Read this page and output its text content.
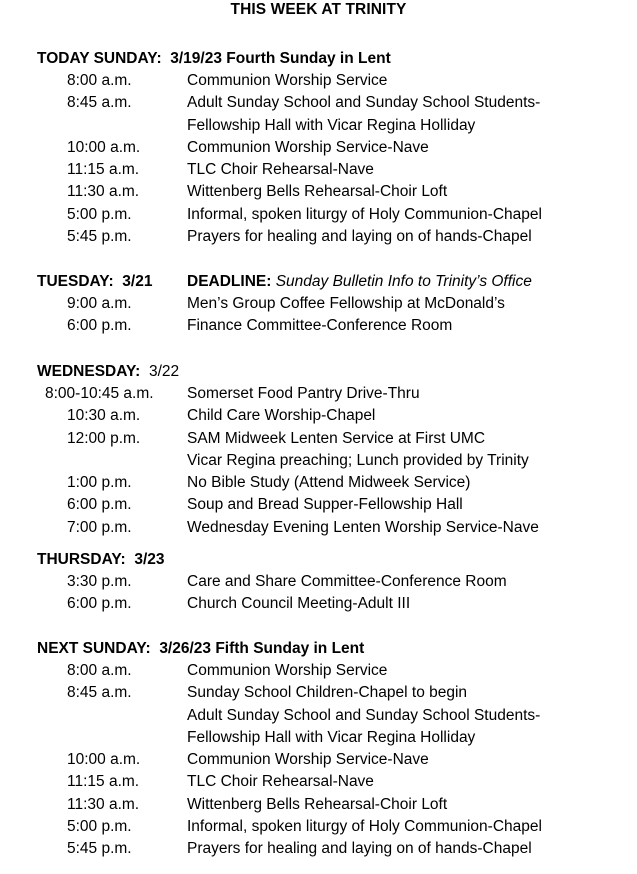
THIS WEEK AT TRINITY
TODAY SUNDAY: 3/19/23 Fourth Sunday in Lent
8:00 a.m.	Communion Worship Service
8:45 a.m.	Adult Sunday School and Sunday School Students-
Fellowship Hall with Vicar Regina Holliday
10:00 a.m.	Communion Worship Service-Nave
11:15 a.m.	TLC Choir Rehearsal-Nave
11:30 a.m.	Wittenberg Bells Rehearsal-Choir Loft
5:00 p.m.	Informal, spoken liturgy of Holy Communion-Chapel
5:45 p.m.	Prayers for healing and laying on of hands-Chapel
TUESDAY: 3/21 DEADLINE: Sunday Bulletin Info to Trinity’s Office
9:00 a.m.	Men’s Group Coffee Fellowship at McDonald’s
6:00 p.m.	Finance Committee-Conference Room
WEDNESDAY: 3/22
8:00-10:45 a.m. Somerset Food Pantry Drive-Thru
10:30 a.m.	Child Care Worship-Chapel
12:00 p.m.	SAM Midweek Lenten Service at First UMC
Vicar Regina preaching; Lunch provided by Trinity
1:00 p.m.	No Bible Study (Attend Midweek Service)
6:00 p.m.	Soup and Bread Supper-Fellowship Hall
7:00 p.m.	Wednesday Evening Lenten Worship Service-Nave
THURSDAY: 3/23
3:30 p.m.	Care and Share Committee-Conference Room
6:00 p.m.	Church Council Meeting-Adult III
NEXT SUNDAY: 3/26/23 Fifth Sunday in Lent
8:00 a.m.	Communion Worship Service
8:45 a.m.	Sunday School Children-Chapel to begin
Adult Sunday School and Sunday School Students-
Fellowship Hall with Vicar Regina Holliday
10:00 a.m.	Communion Worship Service-Nave
11:15 a.m.	TLC Choir Rehearsal-Nave
11:30 a.m.	Wittenberg Bells Rehearsal-Choir Loft
5:00 p.m.	Informal, spoken liturgy of Holy Communion-Chapel
5:45 p.m.	Prayers for healing and laying on of hands-Chapel
